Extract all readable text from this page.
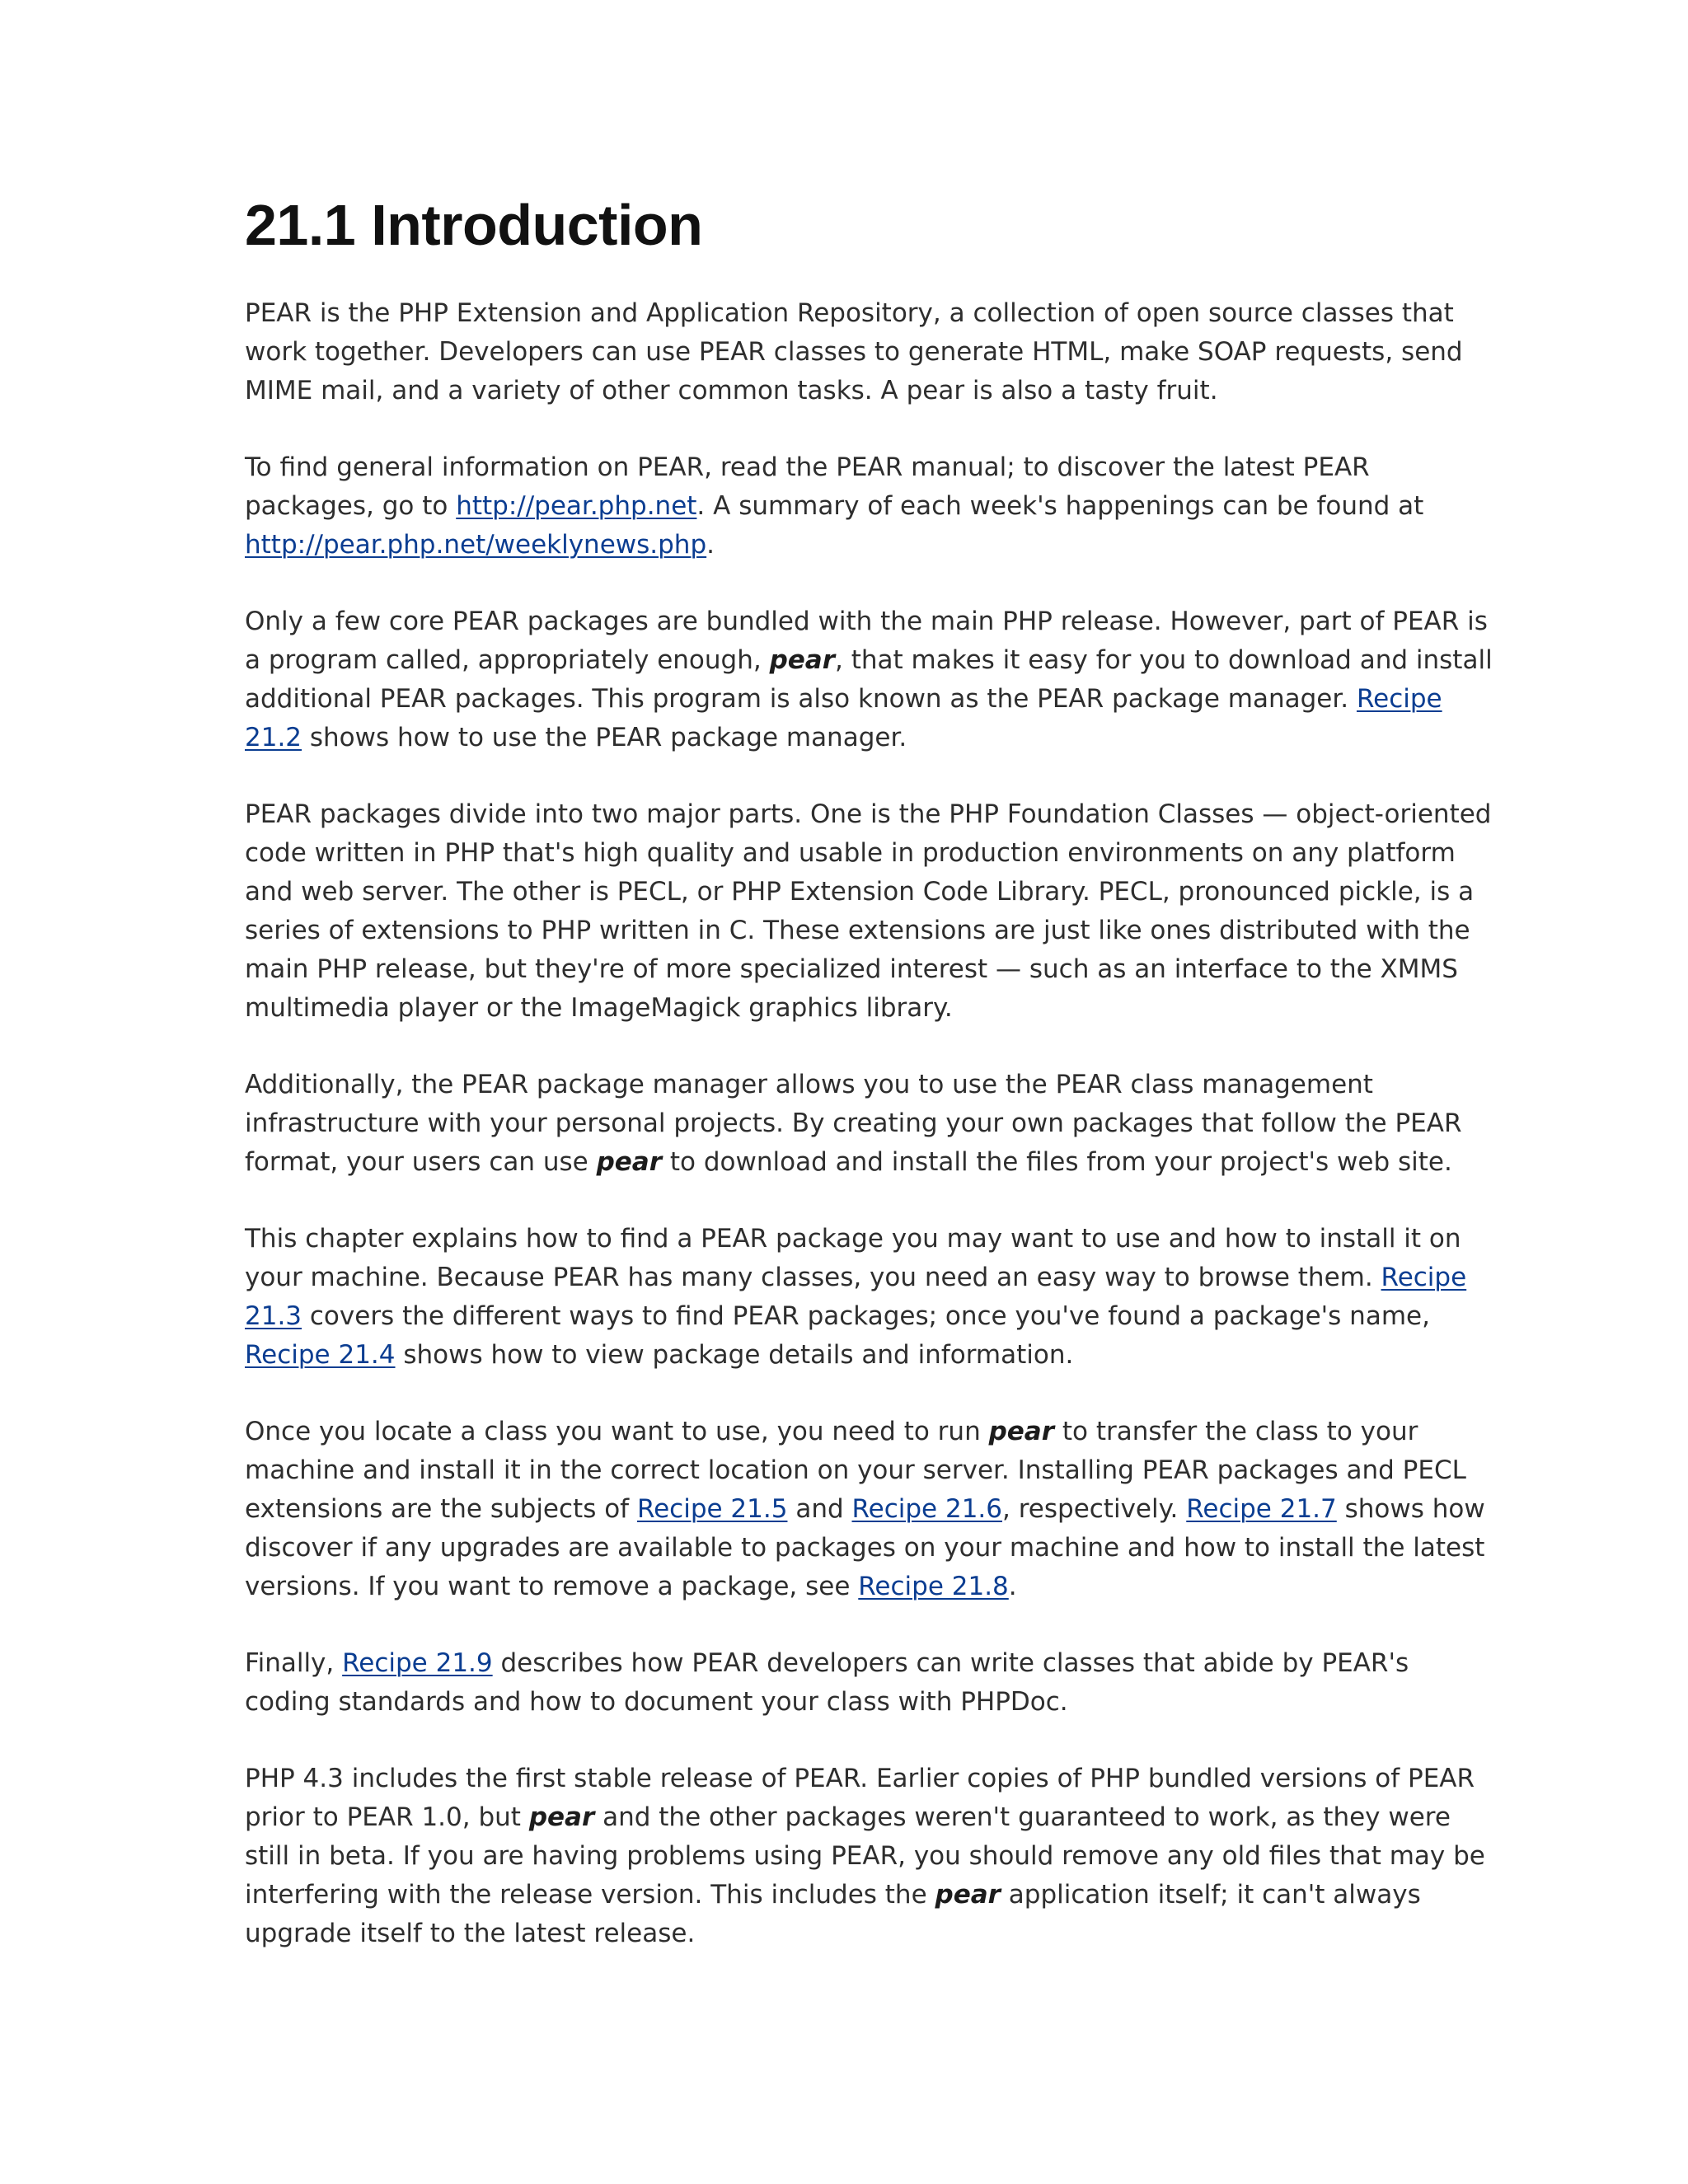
21.1 Introduction

PEAR is the PHP Extension and Application Repository, a collection of open source classes that work together. Developers can use PEAR classes to generate HTML, make SOAP requests, send MIME mail, and a variety of other common tasks. A pear is also a tasty fruit.

To find general information on PEAR, read the PEAR manual; to discover the latest PEAR packages, go to http://pear.php.net. A summary of each week's happenings can be found at http://pear.php.net/weeklynews.php.

Only a few core PEAR packages are bundled with the main PHP release. However, part of PEAR is a program called, appropriately enough, pear, that makes it easy for you to download and install additional PEAR packages. This program is also known as the PEAR package manager. Recipe 21.2 shows how to use the PEAR package manager.

PEAR packages divide into two major parts. One is the PHP Foundation Classes — object-oriented code written in PHP that's high quality and usable in production environments on any platform and web server. The other is PECL, or PHP Extension Code Library. PECL, pronounced pickle, is a series of extensions to PHP written in C. These extensions are just like ones distributed with the main PHP release, but they're of more specialized interest — such as an interface to the XMMS multimedia player or the ImageMagick graphics library.

Additionally, the PEAR package manager allows you to use the PEAR class management infrastructure with your personal projects. By creating your own packages that follow the PEAR format, your users can use pear to download and install the files from your project's web site.

This chapter explains how to find a PEAR package you may want to use and how to install it on your machine. Because PEAR has many classes, you need an easy way to browse them. Recipe 21.3 covers the different ways to find PEAR packages; once you've found a package's name, Recipe 21.4 shows how to view package details and information.

Once you locate a class you want to use, you need to run pear to transfer the class to your machine and install it in the correct location on your server. Installing PEAR packages and PECL extensions are the subjects of Recipe 21.5 and Recipe 21.6, respectively. Recipe 21.7 shows how discover if any upgrades are available to packages on your machine and how to install the latest versions. If you want to remove a package, see Recipe 21.8.

Finally, Recipe 21.9 describes how PEAR developers can write classes that abide by PEAR's coding standards and how to document your class with PHPDoc.

PHP 4.3 includes the first stable release of PEAR. Earlier copies of PHP bundled versions of PEAR prior to PEAR 1.0, but pear and the other packages weren't guaranteed to work, as they were still in beta. If you are having problems using PEAR, you should remove any old files that may be interfering with the release version. This includes the pear application itself; it can't always upgrade itself to the latest release.
